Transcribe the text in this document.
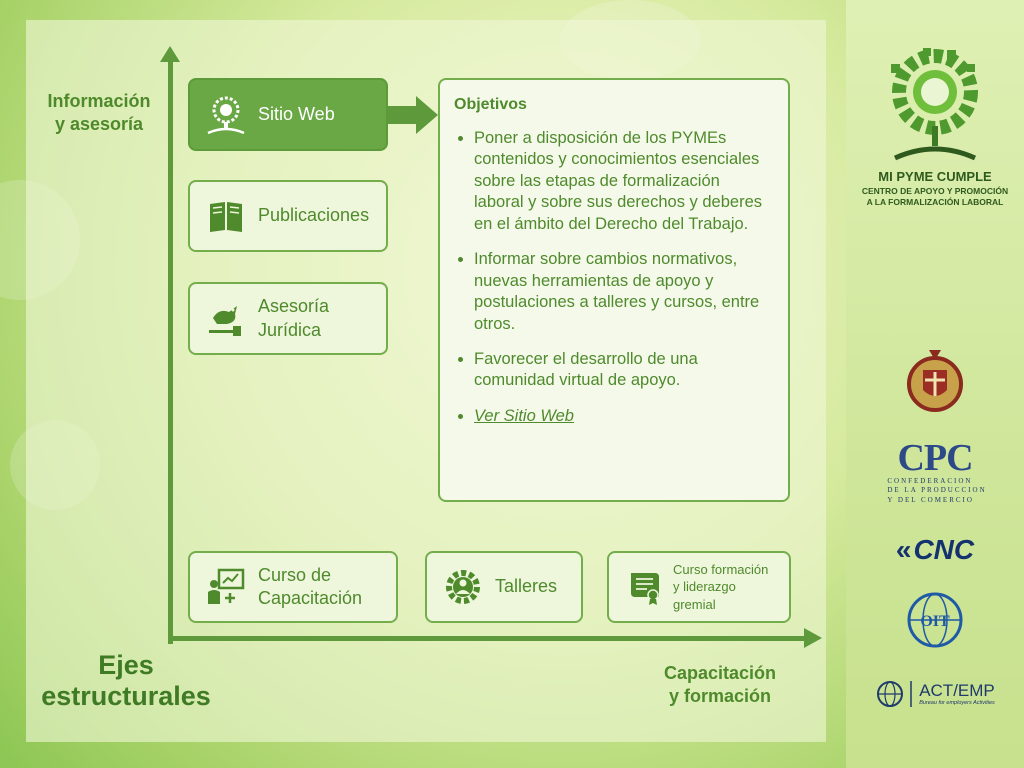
Información
y asesoría
Capacitación
y formación
Ejes
estructurales
Sitio Web
Publicaciones
Asesoría
Jurídica
Objetivos
• Poner a disposición de los PYMEs contenidos y conocimientos esenciales sobre las etapas de formalización laboral y sobre sus derechos y deberes en el ámbito del Derecho del Trabajo.
• Informar sobre cambios normativos, nuevas herramientas de apoyo y postulaciones a talleres y cursos, entre otros.
• Favorecer el desarrollo de una comunidad virtual de apoyo.
• Ver Sitio Web
Curso de
Capacitación
Talleres
Curso formación
y liderazgo
gremial
MI PYME CUMPLE
CENTRO DE APOYO Y PROMOCIÓN
A LA FORMALIZACIÓN LABORAL
CPC
CONFEDERACION
DE LA PRODUCCION
Y DEL COMERCIO
« CNC
OIT
ACT/EMP
Bureau for employers Activities
